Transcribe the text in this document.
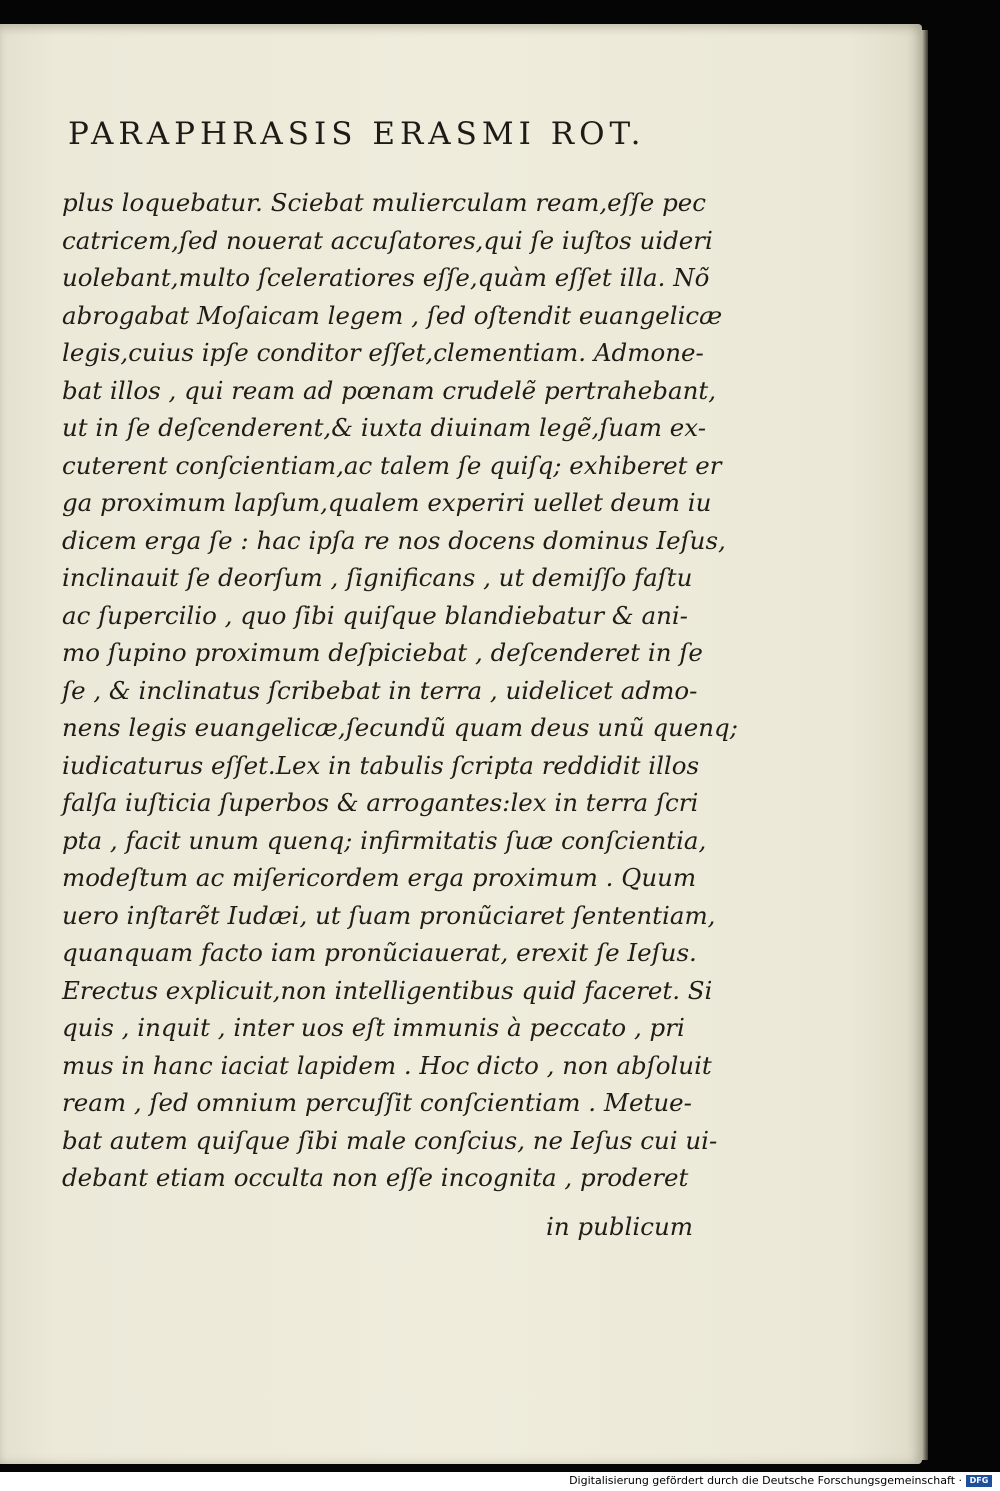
PARAPHRASIS ERASMI ROT.
plus loquebatur. Sciebat mulierculam ream,eſſe pec
catricem,ſed nouerat accuſatores,qui ſe iuſtos uideri
uolebant,multo ſceleratiores eſſe,quàm eſſet illa. Nõ
abrogabat Moſaicam legem , ſed oſtendit euangelicæ
legis,cuius ipſe conditor eſſet,clementiam. Admone-
bat illos , qui ream ad pœnam crudelẽ pertrahebant,
ut in ſe deſcenderent,& iuxta diuinam legẽ,ſuam ex-
cuterent conſcientiam,ac talem ſe quiſq; exhiberet er
ga proximum lapſum,qualem experiri uellet deum iu
dicem erga ſe : hac ipſa re nos docens dominus Ieſus,
inclinauit ſe deorſum , ſignificans , ut demiſſo faſtu
ac ſupercilio , quo ſibi quiſque blandiebatur & ani-
mo ſupino proximum deſpiciebat , deſcenderet in ſe
ſe , & inclinatus ſcribebat in terra , uidelicet admo-
nens legis euangelicæ,ſecundũ quam deus unũ quenq;
iudicaturus eſſet.Lex in tabulis ſcripta reddidit illos
falſa iuſticia ſuperbos & arrogantes:lex in terra ſcri
pta , facit unum quenq; infirmitatis ſuæ conſcientia,
modeſtum ac miſericordem erga proximum . Quum
uero inſtarẽt Iudæi, ut ſuam pronũciaret ſententiam,
quanquam facto iam pronũciauerat, erexit ſe Ieſus.
Erectus explicuit,non intelligentibus quid faceret. Si
quis , inquit , inter uos eſt immunis à peccato , pri
mus in hanc iaciat lapidem . Hoc dicto , non abſoluit
ream , ſed omnium percuſſit conſcientiam . Metue-
bat autem quiſque ſibi male conſcius, ne Ieſus cui ui-
debant etiam occulta non eſſe incognita , proderet
in publicum
Digitalisierung gefördert durch die Deutsche Forschungsgemeinschaft · DFG
